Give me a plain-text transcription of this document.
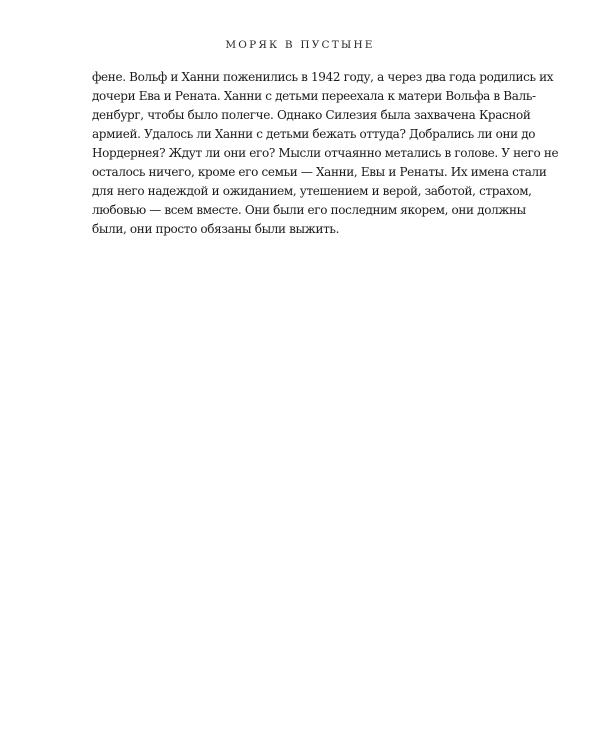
МОРЯК В ПУСТЫНЕ
фене. Вольф и Ханни поженились в 1942 году, а через два года родились их
дочери Ева и Рената. Ханни с детьми переехала к матери Вольфа в Валь-
денбург, чтобы было полегче. Однако Силезия была захвачена Красной
армией. Удалось ли Ханни с детьми бежать оттуда? Добрались ли они до
Нордернея? Ждут ли они его? Мысли отчаянно метались в голове. У него не
осталось ничего, кроме его семьи — Ханни, Евы и Ренаты. Их имена стали
для него надеждой и ожиданием, утешением и верой, заботой, страхом,
любовью — всем вместе. Они были его последним якорем, они должны
были, они просто обязаны были выжить.
